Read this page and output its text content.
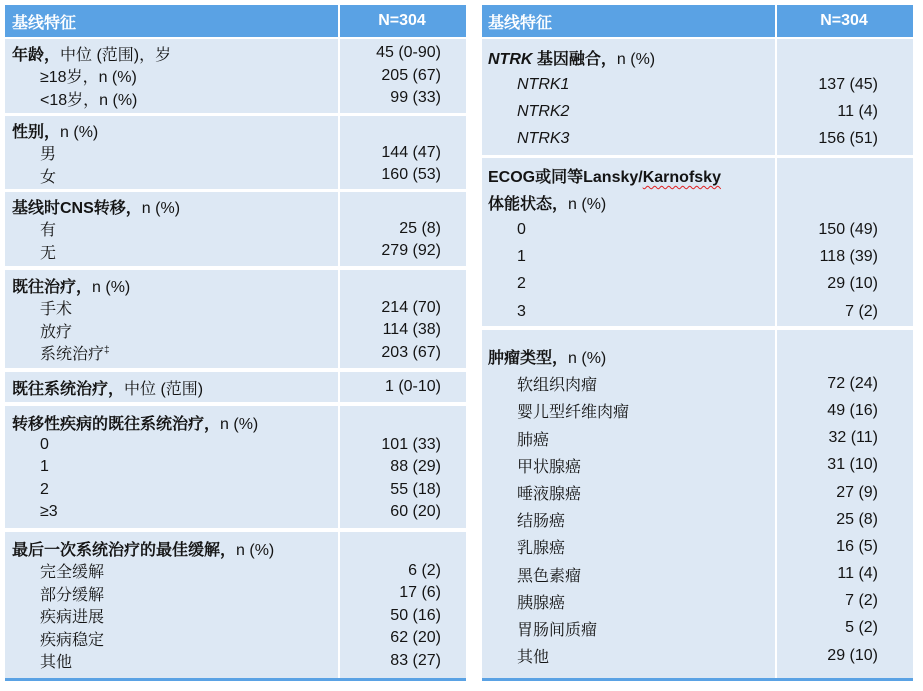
基线特征	N=304
年龄，中位 (范围)，岁	45 (0-90)
≥18岁，n (%)	205 (67)
<18岁，n (%)	99 (33)
性别，n (%)
男	144 (47)
女	160 (53)
基线时CNS转移，n (%)
有	25 (8)
无	279 (92)
既往治疗，n (%)
手术	214 (70)
放疗	114 (38)
系统治疗‡	203 (67)
既往系统治疗，中位 (范围)	1 (0-10)
转移性疾病的既往系统治疗，n (%)
0	101 (33)
1	88 (29)
2	55 (18)
≥3	60 (20)
最后一次系统治疗的最佳缓解，n (%)
完全缓解	6 (2)
部分缓解	17 (6)
疾病进展	50 (16)
疾病稳定	62 (20)
其他	83 (27)
基线特征	N=304
NTRK 基因融合，n (%)
NTRK1	137 (45)
NTRK2	11 (4)
NTRK3	156 (51)
ECOG或同等Lansky/Karnofsky
体能状态，n (%)
0	150 (49)
1	118 (39)
2	29 (10)
3	7 (2)
肿瘤类型，n (%)
软组织肉瘤	72 (24)
婴儿型纤维肉瘤	49 (16)
肺癌	32 (11)
甲状腺癌	31 (10)
唾液腺癌	27 (9)
结肠癌	25 (8)
乳腺癌	16 (5)
黑色素瘤	11 (4)
胰腺癌	7 (2)
胃肠间质瘤	5 (2)
其他	29 (10)
